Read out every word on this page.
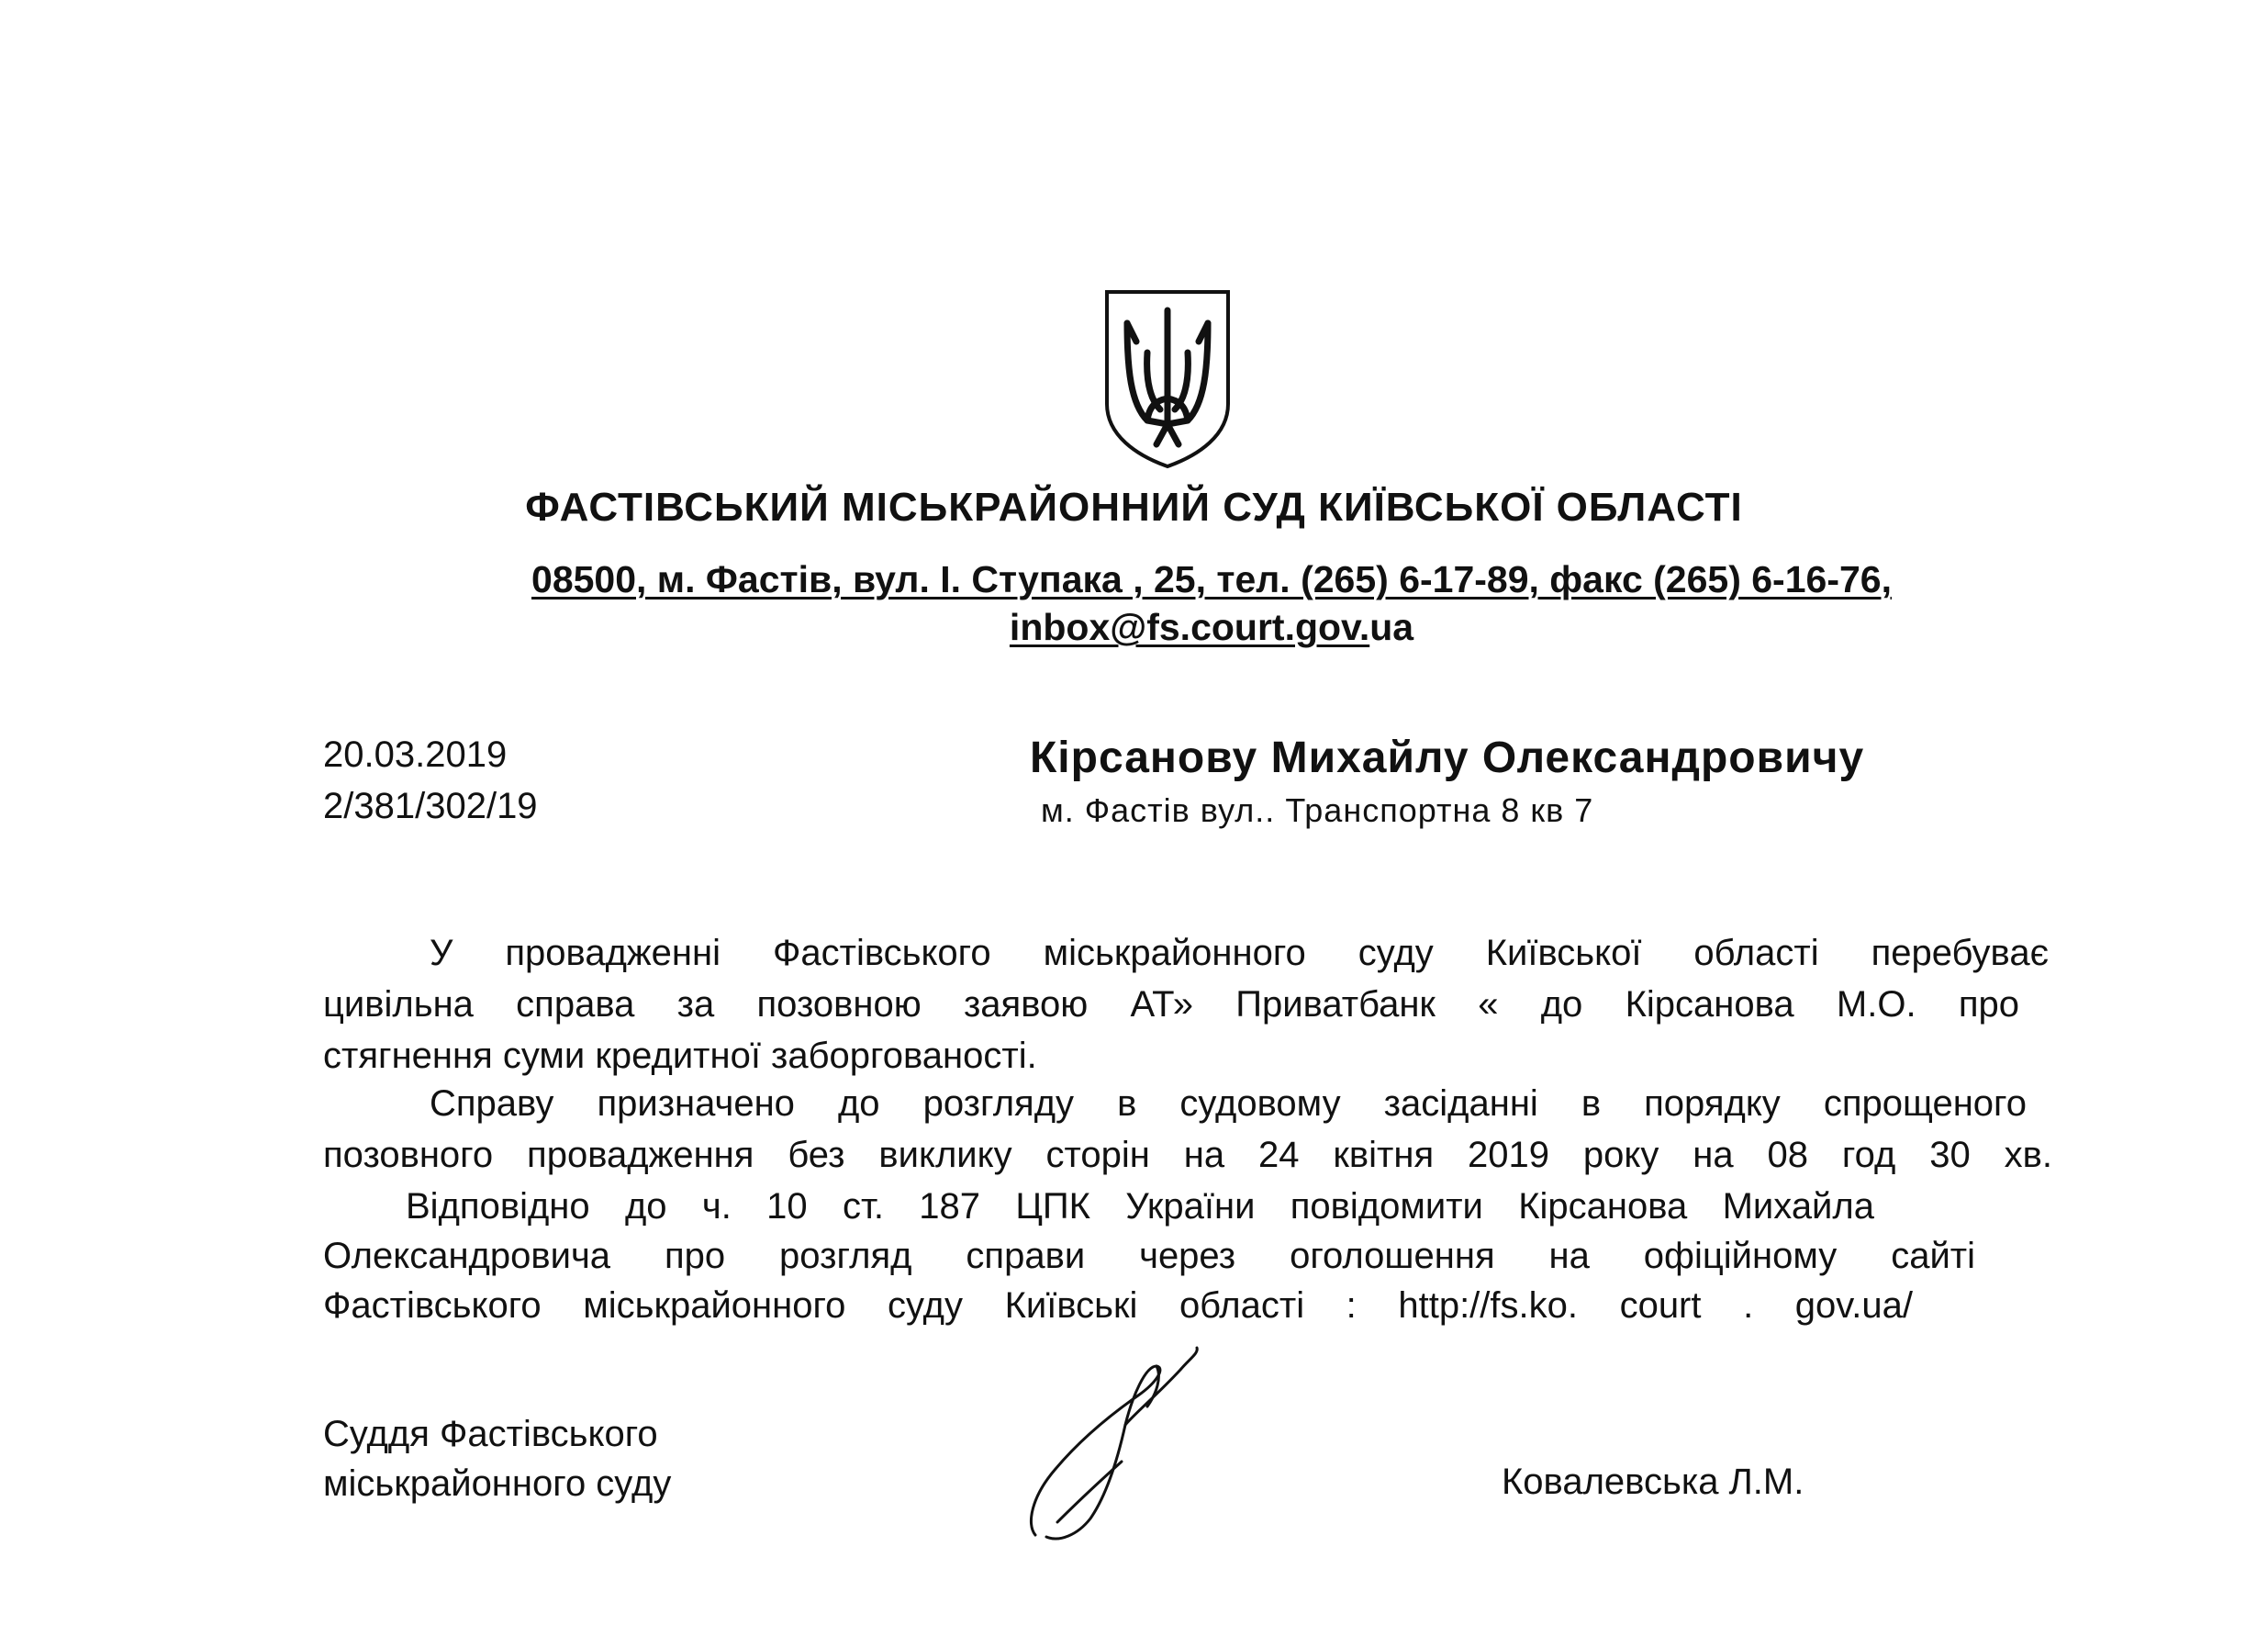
ФАСТІВСЬКИЙ МІСЬКРАЙОННИЙ СУД КИЇВСЬКОЇ ОБЛАСТІ
08500, м. Фастів, вул. І. Ступака , 25, тел. (265) 6-17-89, факс (265) 6-16-76,
inbox@fs.court.gov.ua
20.03.2019
2/381/302/19
Кірсанову Михайлу Олександровичу
м. Фастів вул.. Транспортна 8 кв 7
У провадженні Фастівського міськрайонного суду Київської області перебуває
цивільна справа за позовною заявою АТ» Приватбанк « до Кірсанова М.О. про
стягнення суми кредитної заборгованості.
Справу призначено до розгляду в судовому засіданні в порядку спрощеного
позовного провадження без виклику сторін на 24 квітня 2019 року на 08 год 30 хв.
Відповідно до ч. 10 ст. 187 ЦПК України повідомити Кірсанова Михайла
Олександровича про розгляд справи через оголошення на офіційному сайті
Фастівського міськрайонного суду Київські області : http://fs.ko. court . gov.ua/
Суддя Фастівського
міськрайонного суду	Ковалевська Л.М.
